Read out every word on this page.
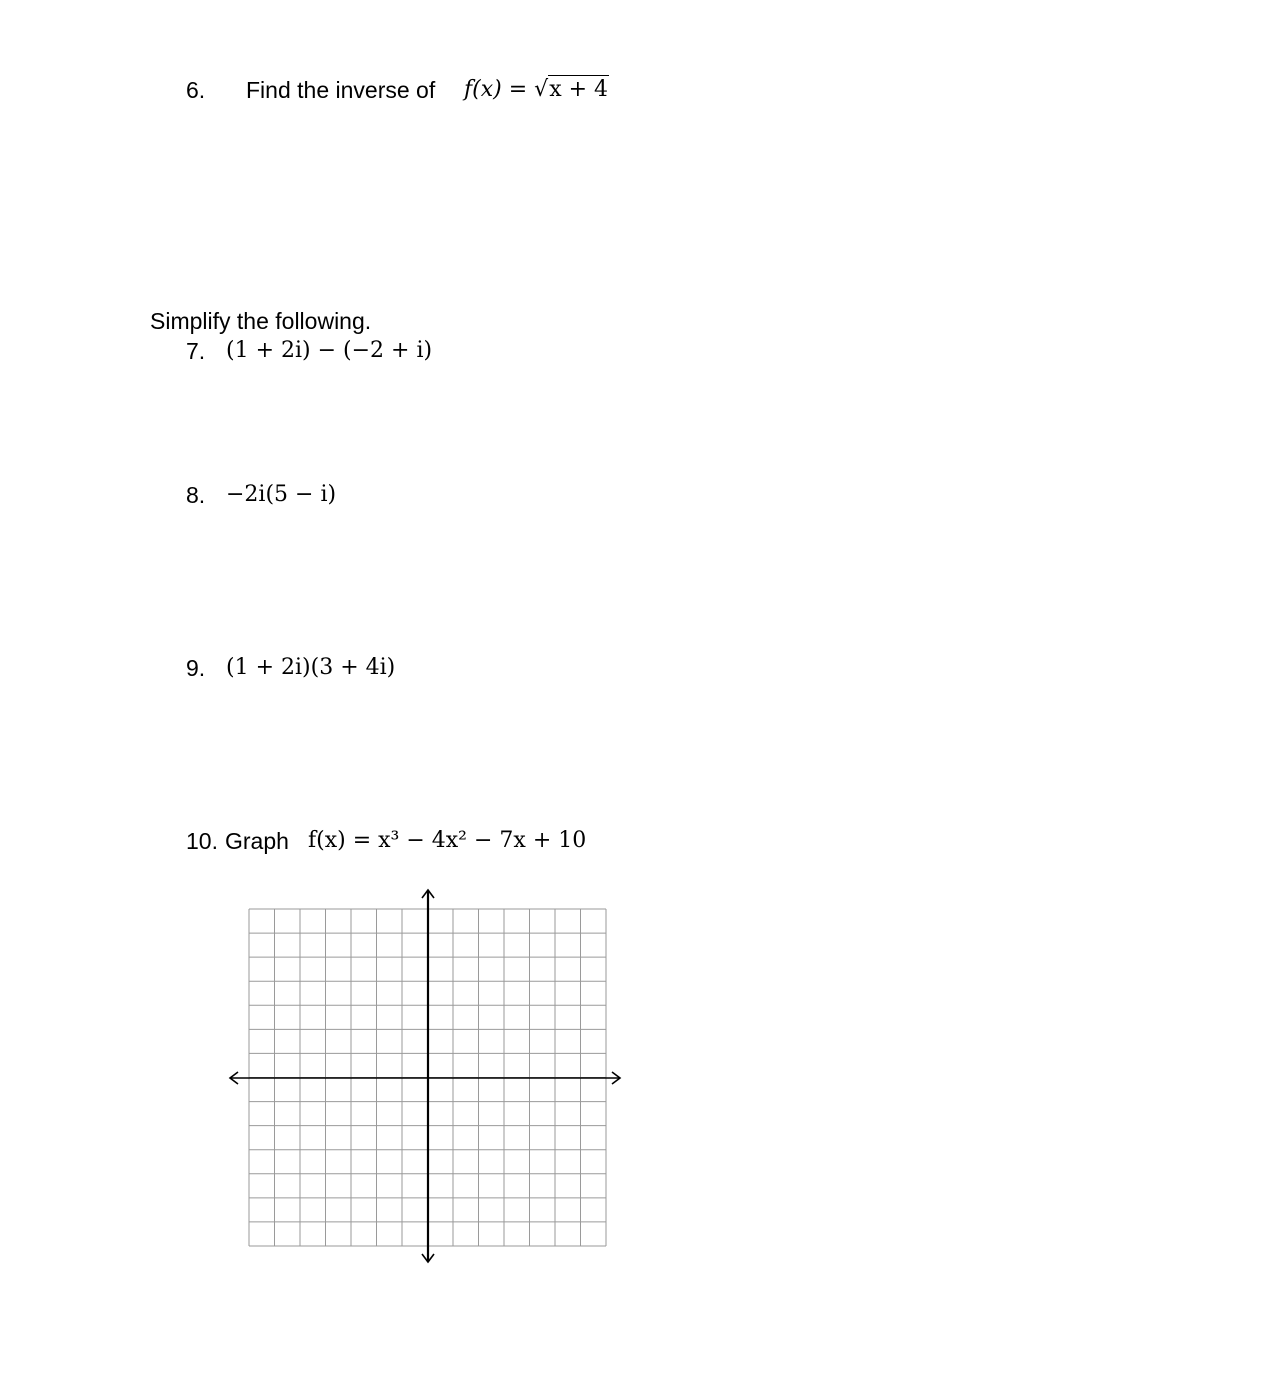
6. Find the inverse of f(x) = √x + 4
Simplify the following.
7. (1 + 2i) − (−2 + i)
8. −2i(5 − i)
9. (1 + 2i)(3 + 4i)
10. Graph f(x) = x³ − 4x² − 7x + 10
